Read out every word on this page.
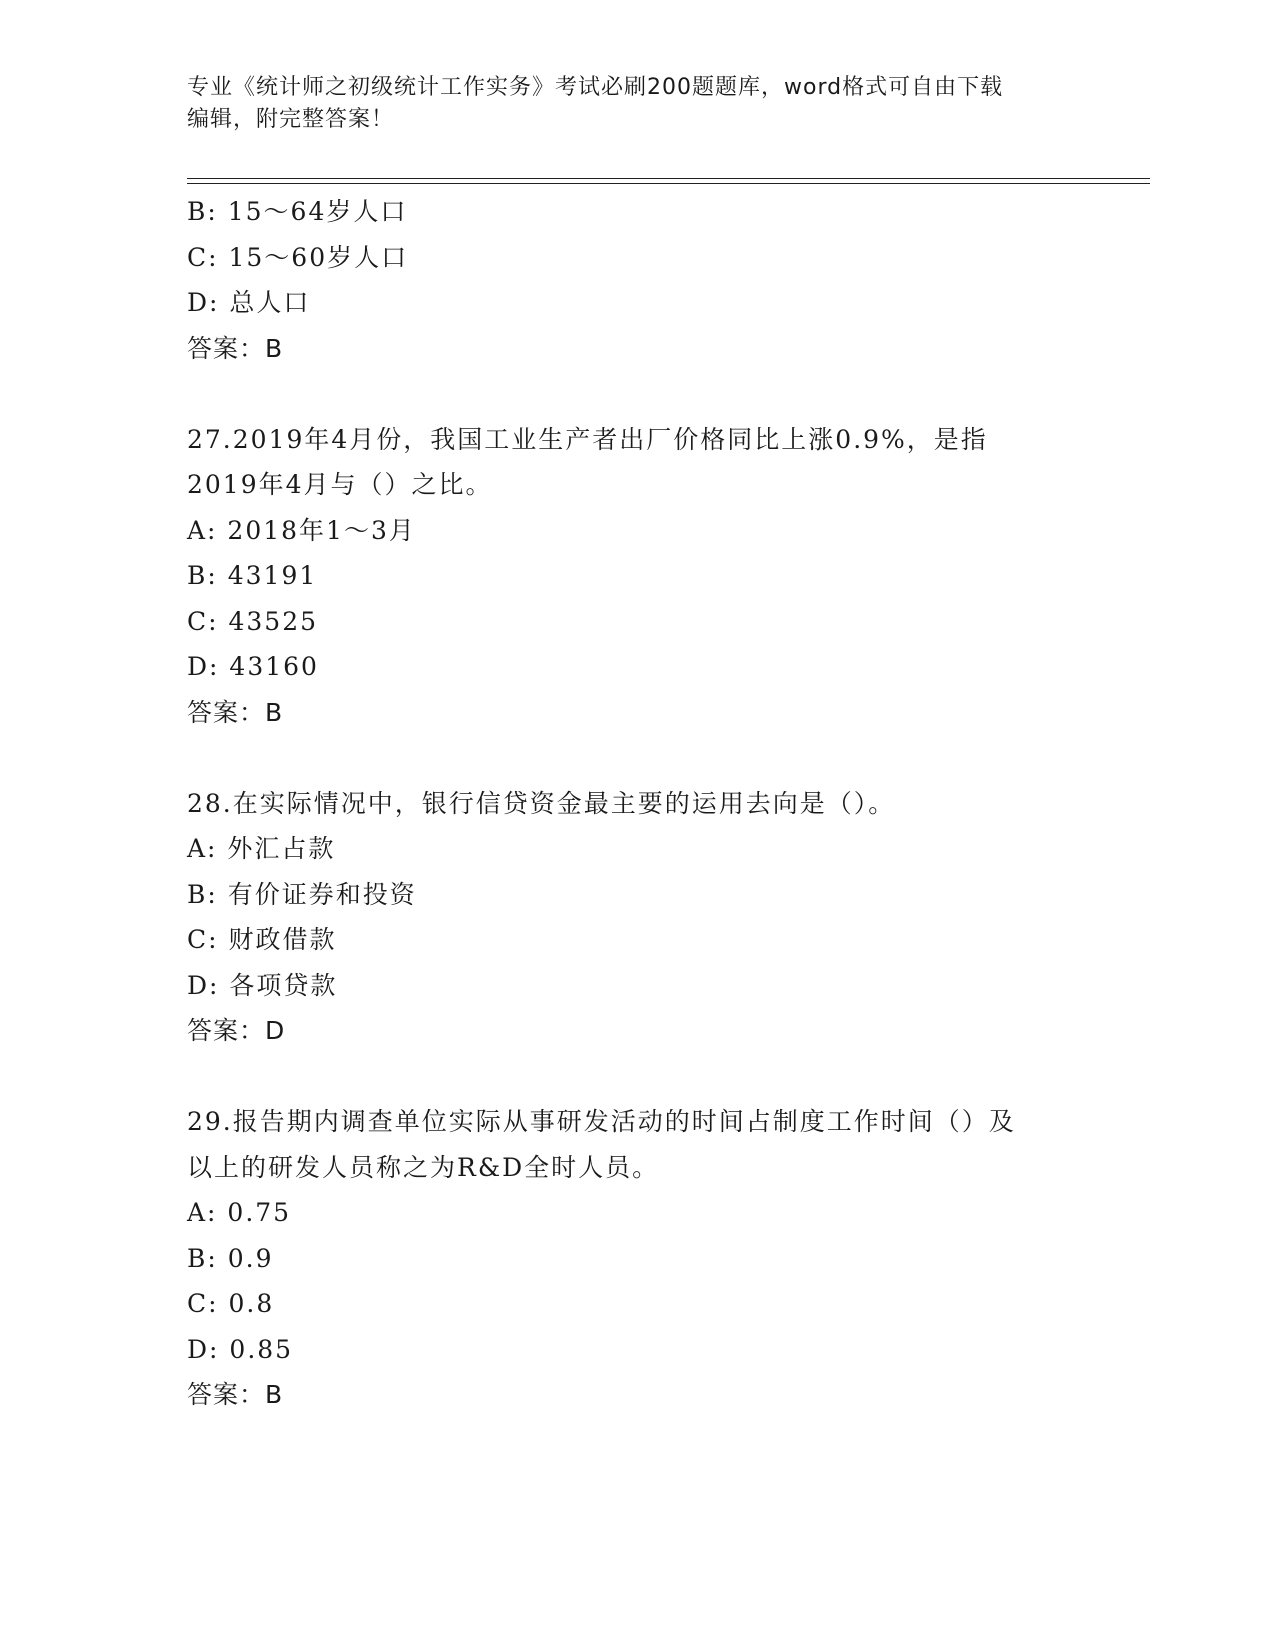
专业《统计师之初级统计工作实务》考试必刷200题题库，word格式可自由下载
编辑，附完整答案！
B: 15～64岁人口
C: 15～60岁人口
D: 总人口
答案：B
27.2019年4月份，我国工业生产者出厂价格同比上涨0.9%，是指
2019年4月与（）之比。
A: 2018年1～3月
B: 43191
C: 43525
D: 43160
答案：B
28.在实际情况中，银行信贷资金最主要的运用去向是（）。
A: 外汇占款
B: 有价证券和投资
C: 财政借款
D: 各项贷款
答案：D
29.报告期内调查单位实际从事研发活动的时间占制度工作时间（）及
以上的研发人员称之为R&D全时人员。
A: 0.75
B: 0.9
C: 0.8
D: 0.85
答案：B
